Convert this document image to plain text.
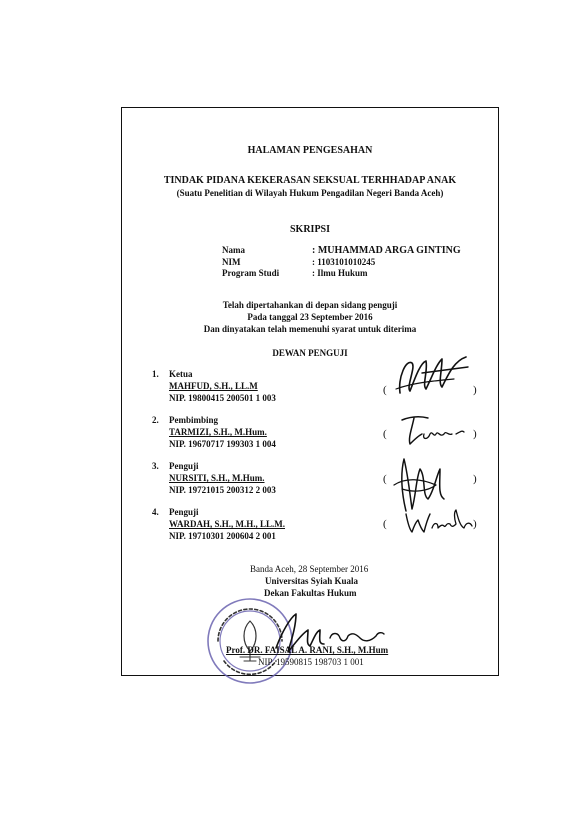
HALAMAN PENGESAHAN
TINDAK PIDANA KEKERASAN SEKSUAL TERHHADAP ANAK
(Suatu Penelitian di Wilayah Hukum Pengadilan Negeri Banda Aceh)
SKRIPSI
Nama	: MUHAMMAD ARGA GINTING
NIM	: 1103101010245
Program Studi	: Ilmu Hukum
Telah dipertahankan di depan sidang penguji
Pada tanggal 23 September 2016
Dan dinyatakan telah memenuhi syarat untuk diterima
DEWAN PENGUJI
1. Ketua
MAHFUD, S.H., LL.M
NIP. 19800415 200501 1 003
(	)
2. Pembimbing
TARMIZI, S.H., M.Hum.
NIP. 19670717 199303 1 004
(	)
3. Penguji
NURSITI, S.H., M.Hum.
NIP. 19721015 200312 2 003
(	)
4. Penguji
WARDAH, S.H., M.H., LL.M.
NIP. 19710301 200604 2 001
(	)
Banda Aceh, 28 September 2016
Universitas Syiah Kuala
Dekan Fakultas Hukum
Prof. DR. FAISAL A. RANI, S.H., M.Hum
NIP. 19590815 198703 1 001
